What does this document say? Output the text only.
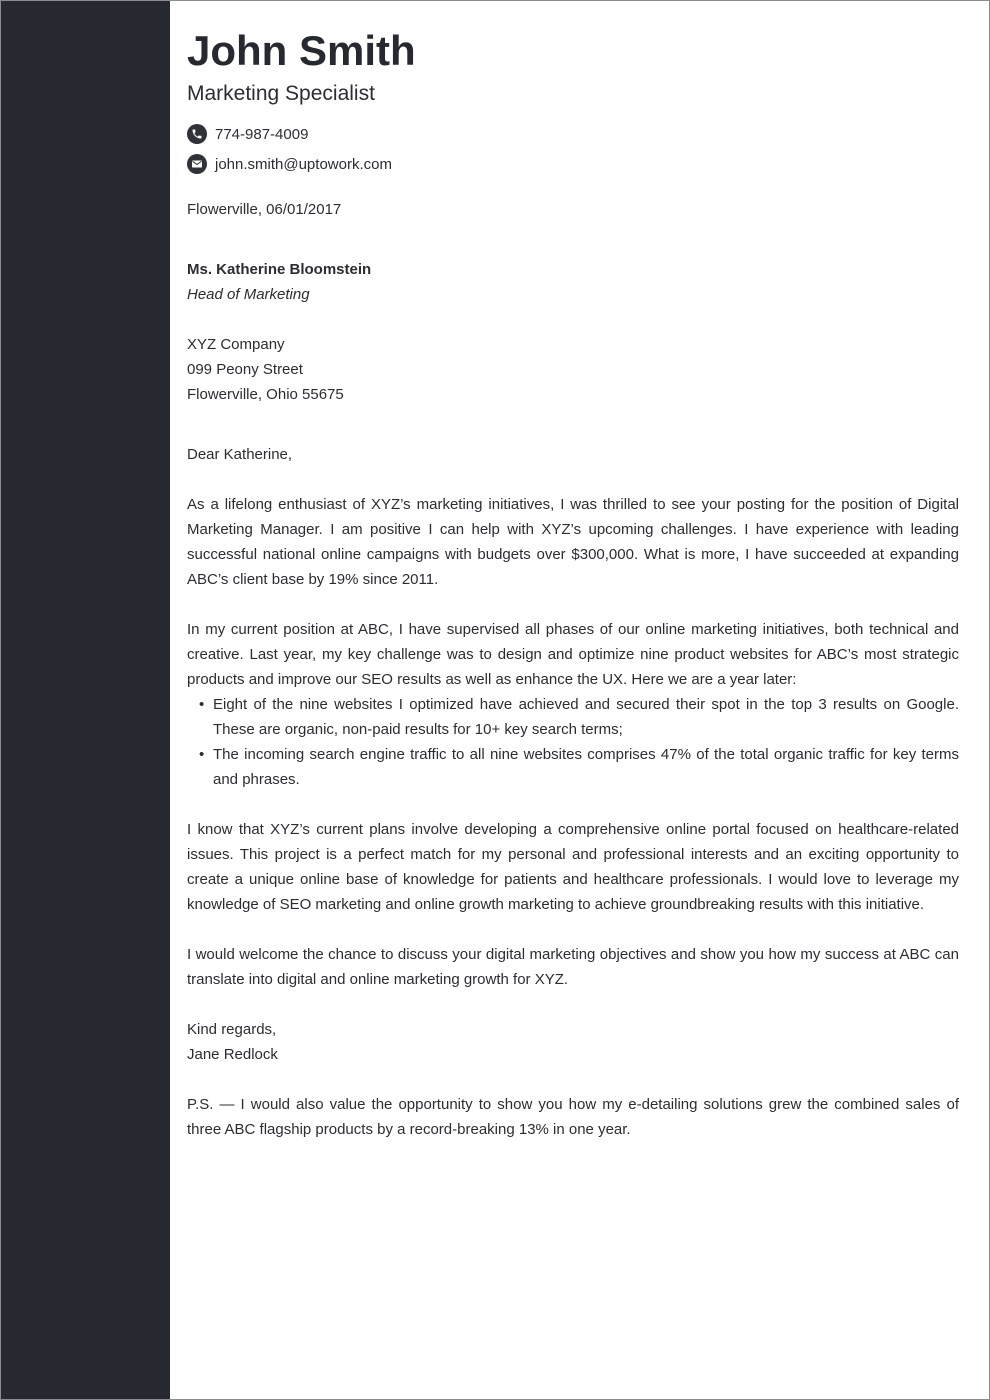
John Smith
Marketing Specialist
774-987-4009
john.smith@uptowork.com

Flowerville, 06/01/2017

Ms. Katherine Bloomstein

Head of Marketing

XYZ Company

099 Peony Street

Flowerville, Ohio 55675

Dear Katherine,

As a lifelong enthusiast of XYZ’s marketing initiatives, I was thrilled to see your posting for the position of Digital Marketing Manager. I am positive I can help with XYZ’s upcoming challenges. I have experience with leading successful national online campaigns with budgets over $300,000. What is more, I have succeeded at expanding ABC’s client base by 19% since 2011.

In my current position at ABC, I have supervised all phases of our online marketing initiatives, both technical and creative. Last year, my key challenge was to design and optimize nine product websites for ABC’s most strategic products and improve our SEO results as well as enhance the UX. Here we are a year later:

• Eight of the nine websites I optimized have achieved and secured their spot in the top 3 results on Google. These are organic, non-paid results for 10+ key search terms;
• The incoming search engine traffic to all nine websites comprises 47% of the total organic traffic for key terms and phrases.

I know that XYZ’s current plans involve developing a comprehensive online portal focused on healthcare-related issues. This project is a perfect match for my personal and professional interests and an exciting opportunity to create a unique online base of knowledge for patients and healthcare professionals. I would love to leverage my knowledge of SEO marketing and online growth marketing to achieve groundbreaking results with this initiative.

I would welcome the chance to discuss your digital marketing objectives and show you how my success at ABC can translate into digital and online marketing growth for XYZ.

Kind regards,

Jane Redlock

P.S. — I would also value the opportunity to show you how my e-detailing solutions grew the combined sales of three ABC flagship products by a record-breaking 13% in one year.
